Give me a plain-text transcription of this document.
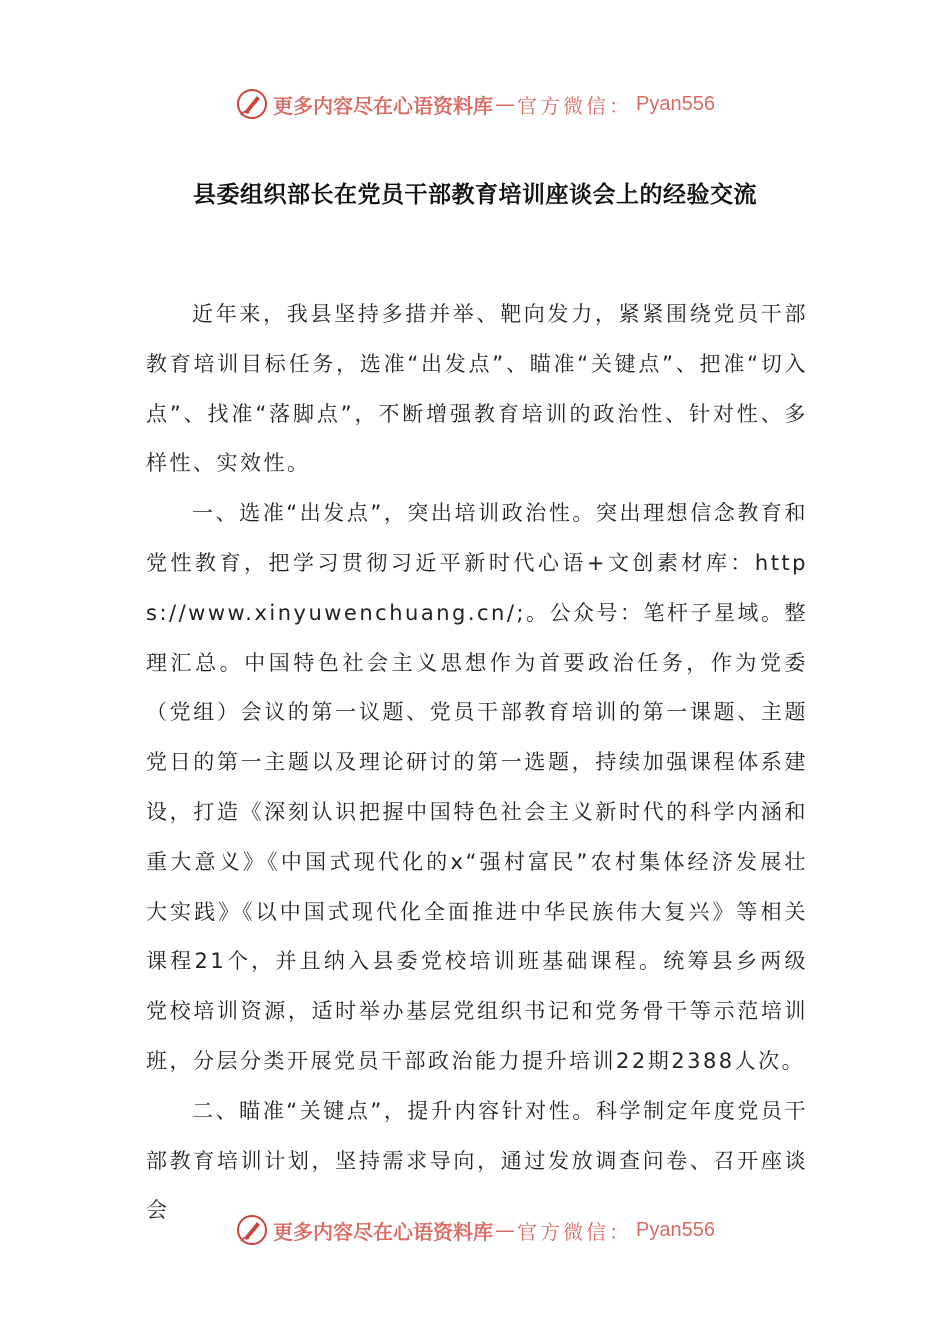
更多内容尽在心语资料库 — 官方微信： Pyan556
县委组织部长在党员干部教育培训座谈会上的经验交流

近年来，我县坚持多措并举、靶向发力，紧紧围绕党员干部教育培训目标任务，选准“出发点”、瞄准“关键点”、把准“切入点”、找准“落脚点”，不断增强教育培训的政治性、针对性、多样性、实效性。

一、选准“出发点”，突出培训政治性。突出理想信念教育和党性教育，把学习贯彻习近平新时代心语+文创素材库：https://www.xinyuwenchuang.cn/;。公众号：笔杆子星域。整理汇总。中国特色社会主义思想作为首要政治任务，作为党委（党组）会议的第一议题、党员干部教育培训的第一课题、主题党日的第一主题以及理论研讨的第一选题，持续加强课程体系建设，打造《深刻认识把握中国特色社会主义新时代的科学内涵和重大意义》《中国式现代化的x“强村富民”农村集体经济发展壮大实践》《以中国式现代化全面推进中华民族伟大复兴》等相关课程21个，并且纳入县委党校培训班基础课程。统筹县乡两级党校培训资源，适时举办基层党组织书记和党务骨干等示范培训班，分层分类开展党员干部政治能力提升培训22期2388人次。

二、瞄准“关键点”，提升内容针对性。科学制定年度党员干部教育培训计划，坚持需求导向，通过发放调查问卷、召开座谈会

更多内容尽在心语资料库 — 官方微信： Pyan556
